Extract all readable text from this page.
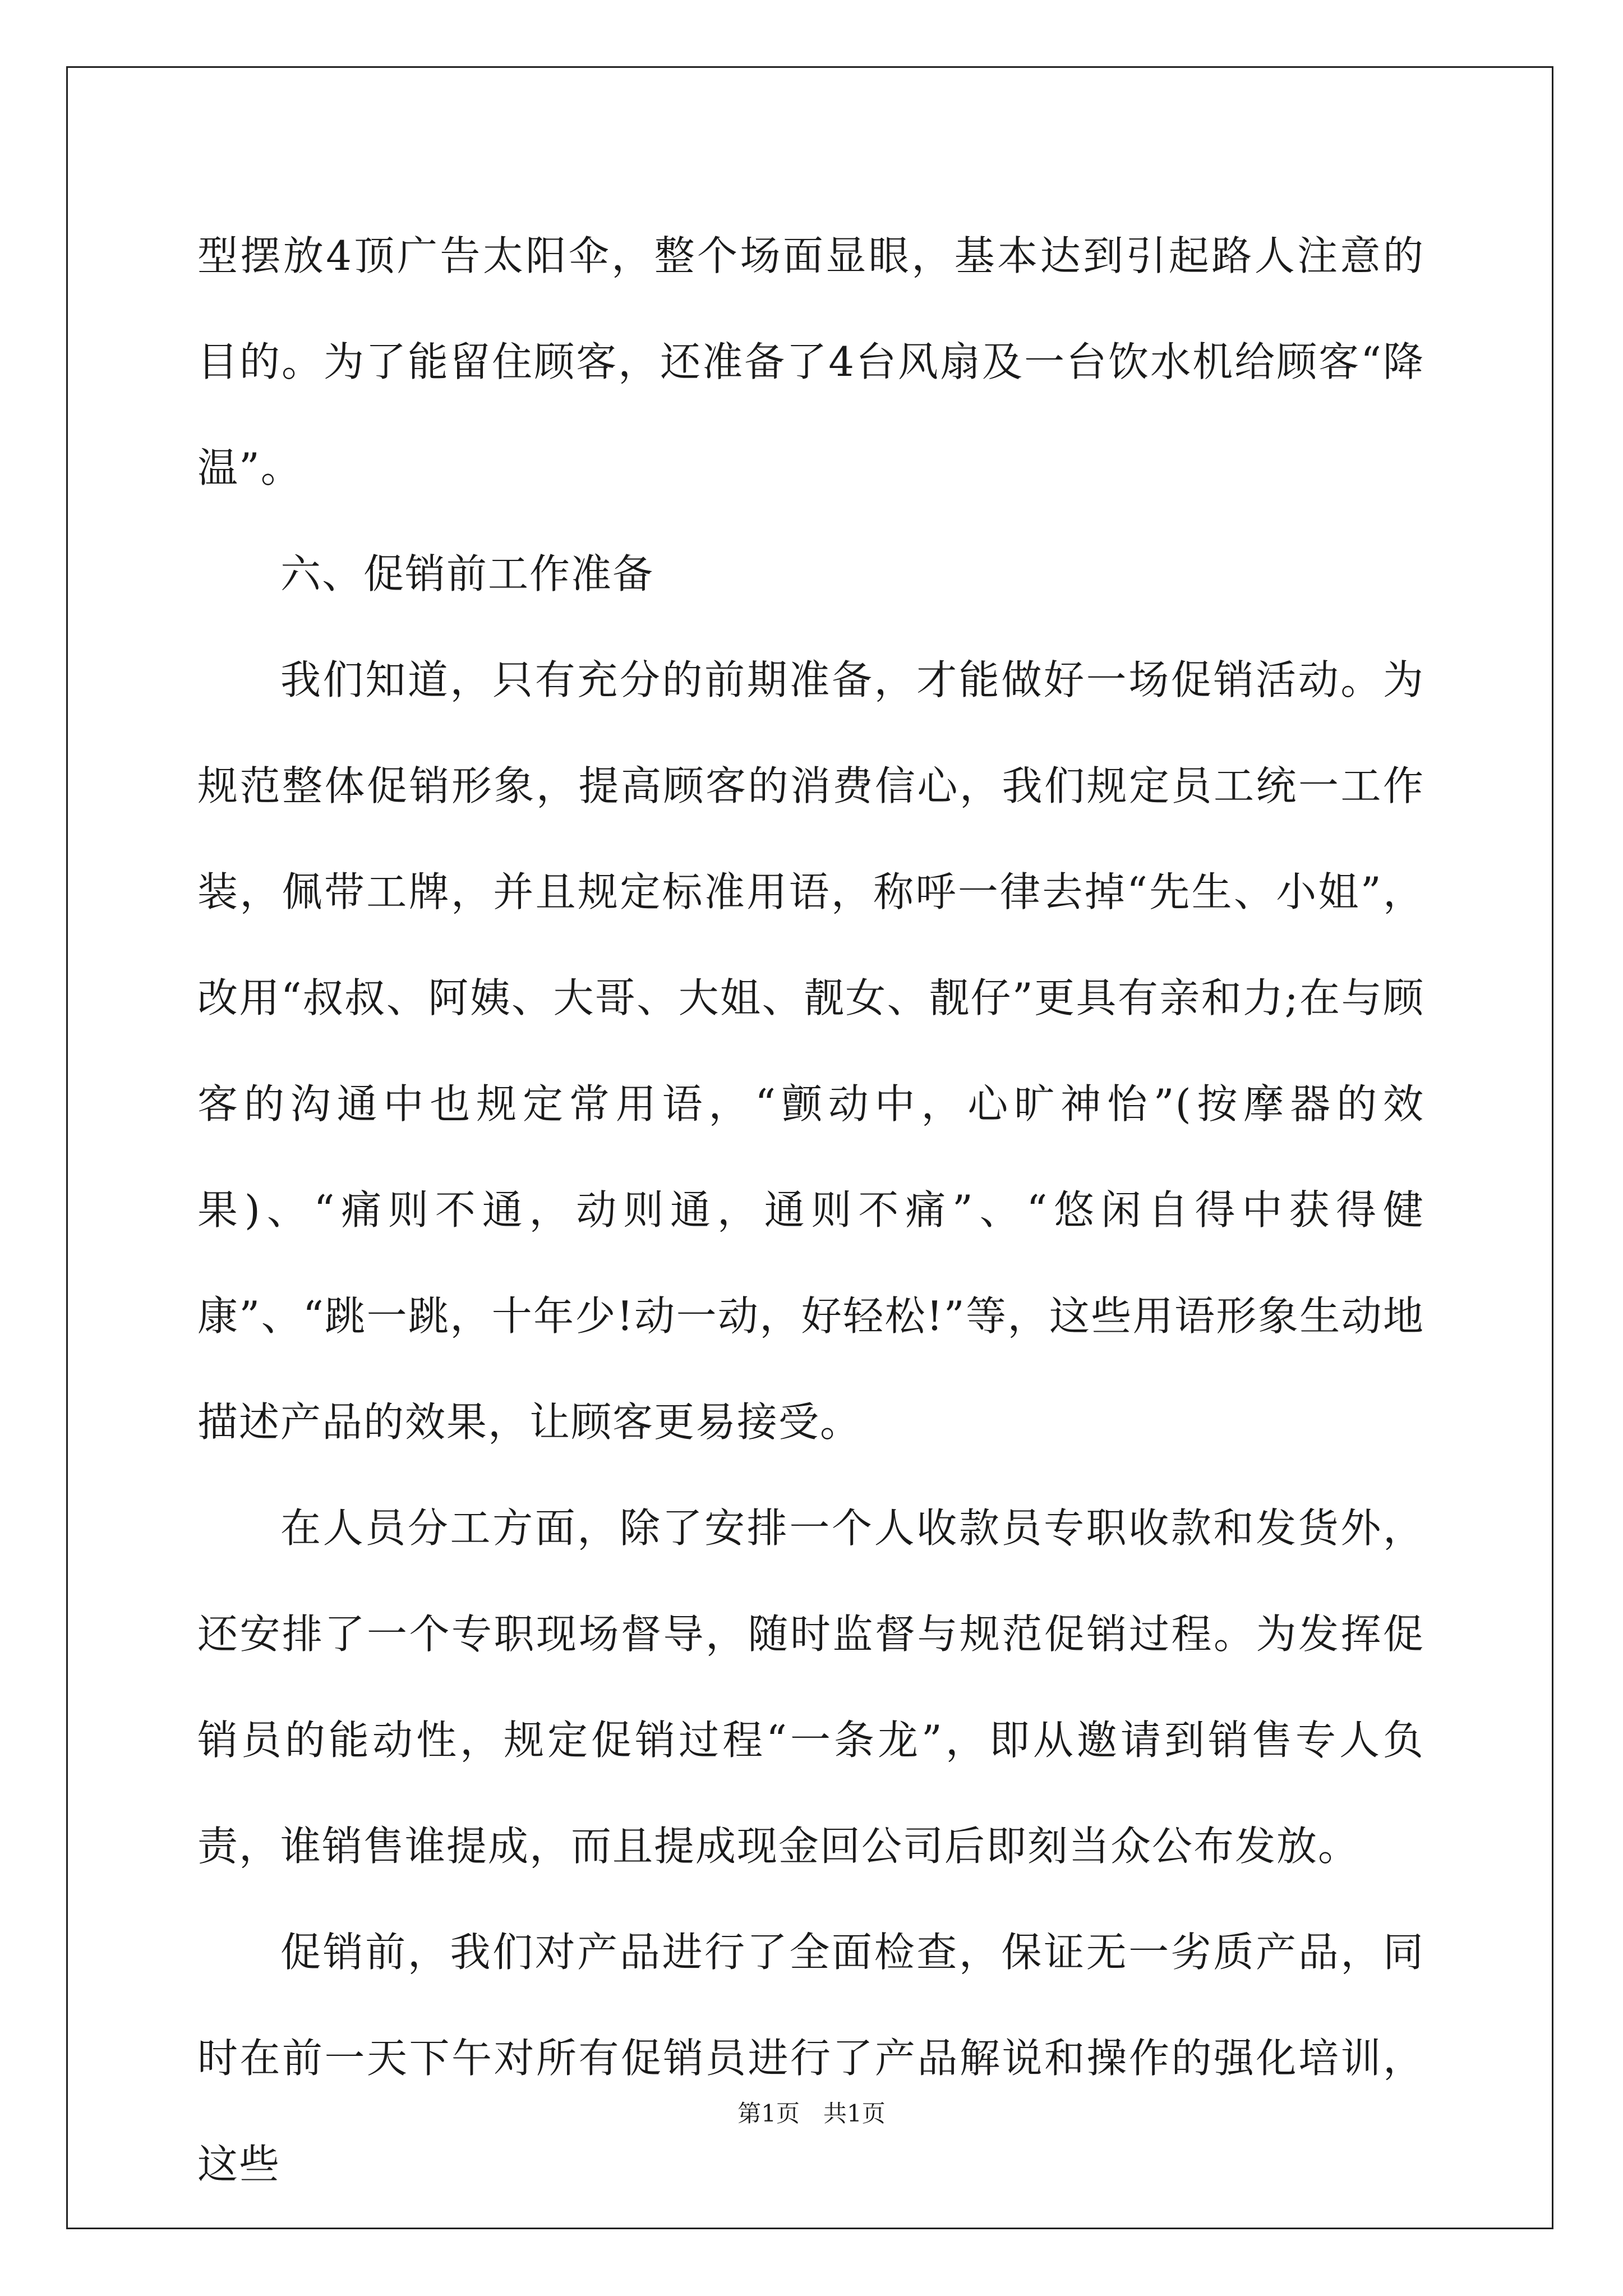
型摆放4顶广告太阳伞，整个场面显眼，基本达到引起路人注意的目的。为了能留住顾客，还准备了4台风扇及一台饮水机给顾客“降温”。

六、促销前工作准备

我们知道，只有充分的前期准备，才能做好一场促销活动。为规范整体促销形象，提高顾客的消费信心，我们规定员工统一工作装，佩带工牌，并且规定标准用语，称呼一律去掉“先生、小姐”，改用“叔叔、阿姨、大哥、大姐、靓女、靓仔”更具有亲和力;在与顾客的沟通中也规定常用语，“颤动中，心旷神怡”(按摩器的效果)、“痛则不通，动则通，通则不痛”、“悠闲自得中获得健康”、“跳一跳，十年少!动一动，好轻松!”等，这些用语形象生动地描述产品的效果，让顾客更易接受。

在人员分工方面，除了安排一个人收款员专职收款和发货外，还安排了一个专职现场督导，随时监督与规范促销过程。为发挥促销员的能动性，规定促销过程“一条龙”，即从邀请到销售专人负责，谁销售谁提成，而且提成现金回公司后即刻当众公布发放。

促销前，我们对产品进行了全面检查，保证无一劣质产品，同时在前一天下午对所有促销员进行了产品解说和操作的强化培训，这些

第1页　共1页
